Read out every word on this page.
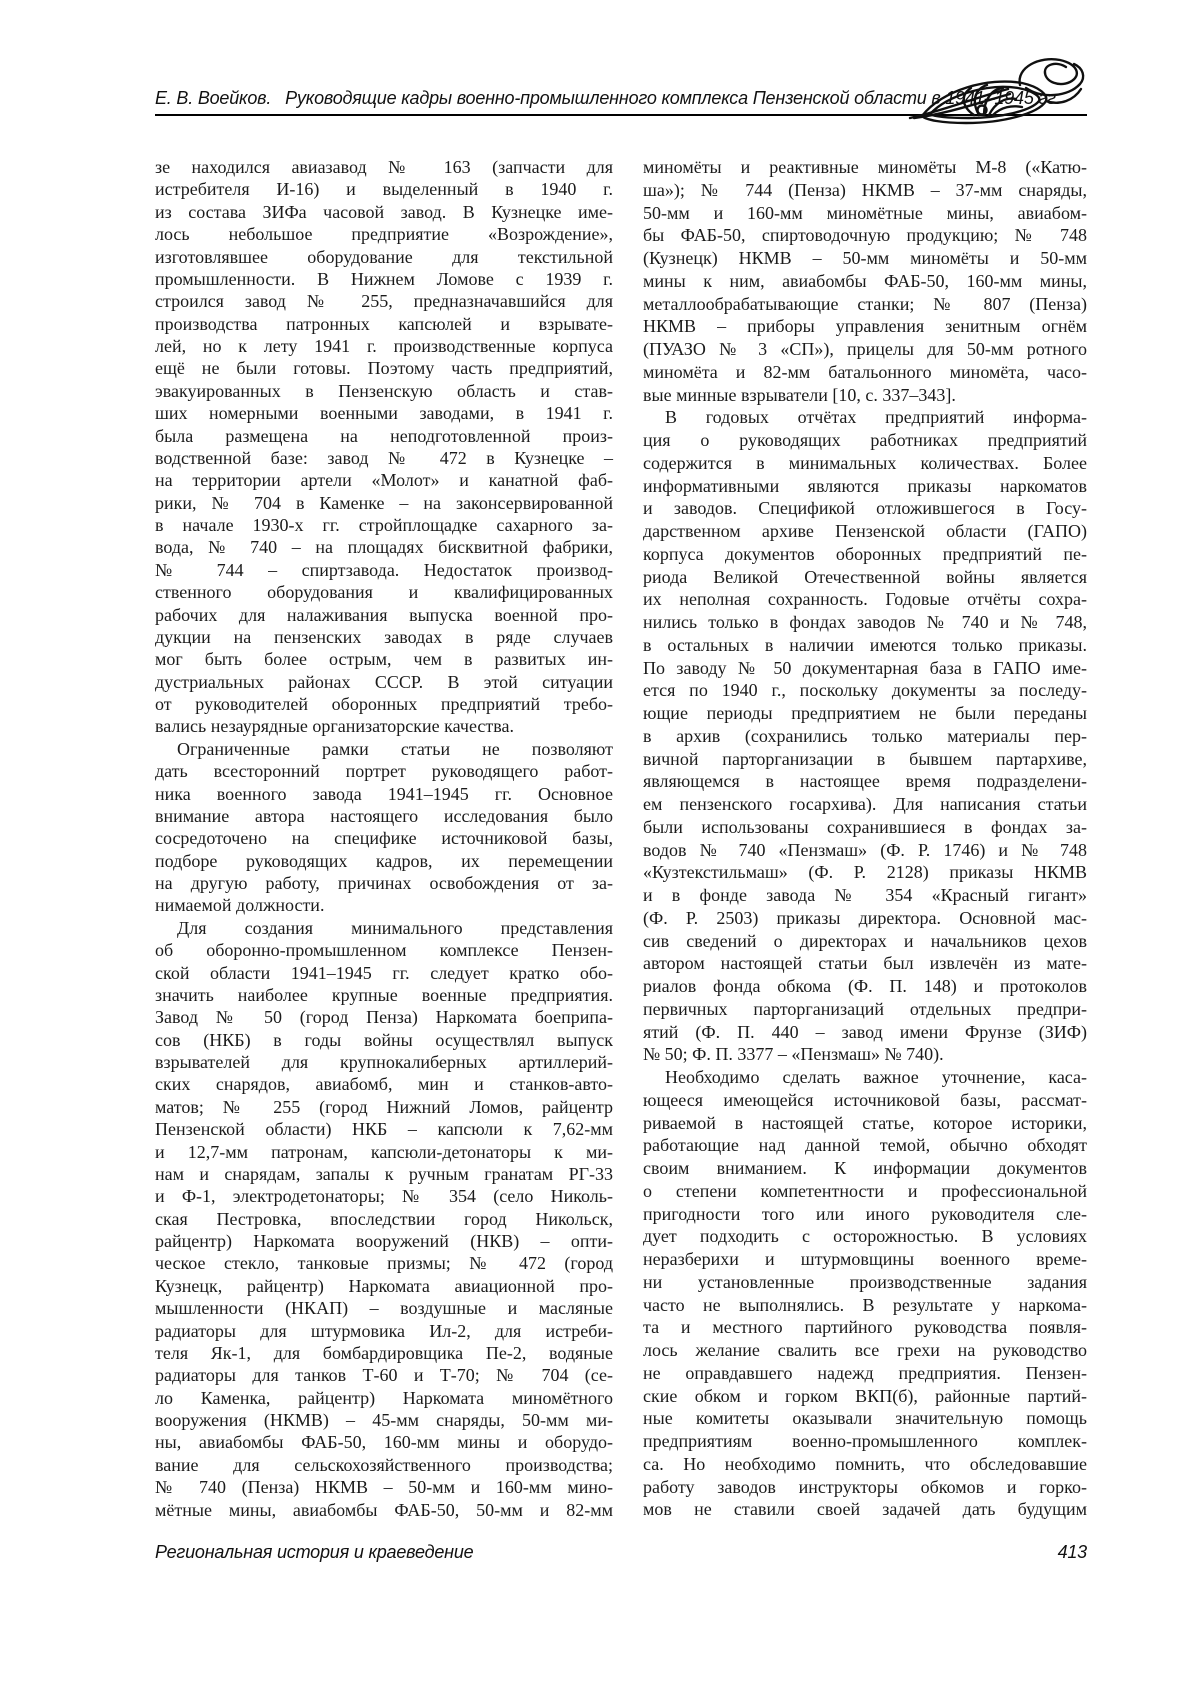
Е. В. Воейков. Руководящие кадры военно-промышленного комплекса Пензенской области в 1941–1945 гг.
зе находился авиазавод № 163 (запчасти для
истребителя И-16) и выделенный в 1940 г.
из состава ЗИФа часовой завод. В Кузнецке име-
лось небольшое предприятие «Возрождение»,
изготовлявшее оборудование для текстильной
промышленности. В Нижнем Ломове с 1939 г.
строился завод № 255, предназначавшийся для
производства патронных капсюлей и взрывате-
лей, но к лету 1941 г. производственные корпуса
ещё не были готовы. Поэтому часть предприятий,
эвакуированных в Пензенскую область и став-
ших номерными военными заводами, в 1941 г.
была размещена на неподготовленной произ-
водственной базе: завод № 472 в Кузнецке –
на территории артели «Молот» и канатной фаб-
рики, № 704 в Каменке – на законсервированной
в начале 1930-х гг. стройплощадке сахарного за-
вода, № 740 – на площадях бисквитной фабрики,
№ 744 – спиртзавода. Недостаток производ-
ственного оборудования и квалифицированных
рабочих для налаживания выпуска военной про-
дукции на пензенских заводах в ряде случаев
мог быть более острым, чем в развитых ин-
дустриальных районах СССР. В этой ситуации
от руководителей оборонных предприятий требо-
вались незаурядные организаторские качества.
Ограниченные рамки статьи не позволяют
дать всесторонний портрет руководящего работ-
ника военного завода 1941–1945 гг. Основное
внимание автора настоящего исследования было
сосредоточено на специфике источниковой базы,
подборе руководящих кадров, их перемещении
на другую работу, причинах освобождения от за-
нимаемой должности.
Для создания минимального представления
об оборонно-промышленном комплексе Пензен-
ской области 1941–1945 гг. следует кратко обо-
значить наиболее крупные военные предприятия.
Завод № 50 (город Пенза) Наркомата боеприпа-
сов (НКБ) в годы войны осуществлял выпуск
взрывателей для крупнокалиберных артиллерий-
ских снарядов, авиабомб, мин и станков-авто-
матов; № 255 (город Нижний Ломов, райцентр
Пензенской области) НКБ – капсюли к 7,62-мм
и 12,7-мм патронам, капсюли-детонаторы к ми-
нам и снарядам, запалы к ручным гранатам РГ-33
и Ф-1, электродетонаторы; № 354 (село Николь-
ская Пестровка, впоследствии город Никольск,
райцентр) Наркомата вооружений (НКВ) – опти-
ческое стекло, танковые призмы; № 472 (город
Кузнецк, райцентр) Наркомата авиационной про-
мышленности (НКАП) – воздушные и масляные
радиаторы для штурмовика Ил-2, для истреби-
теля Як-1, для бомбардировщика Пе-2, водяные
радиаторы для танков Т-60 и Т-70; № 704 (се-
ло Каменка, райцентр) Наркомата миномётного
вооружения (НКМВ) – 45-мм снаряды, 50-мм ми-
ны, авиабомбы ФАБ-50, 160-мм мины и оборудо-
вание для сельскохозяйственного производства;
№ 740 (Пенза) НКМВ – 50-мм и 160-мм мино-
мётные мины, авиабомбы ФАБ-50, 50-мм и 82-мм
миномёты и реактивные миномёты М-8 («Катю-
ша»); № 744 (Пенза) НКМВ – 37-мм снаряды,
50-мм и 160-мм миномётные мины, авиабом-
бы ФАБ-50, спиртоводочную продукцию; № 748
(Кузнецк) НКМВ – 50-мм миномёты и 50-мм
мины к ним, авиабомбы ФАБ-50, 160-мм мины,
металлообрабатывающие станки; № 807 (Пенза)
НКМВ – приборы управления зенитным огнём
(ПУАЗО № 3 «СП»), прицелы для 50-мм ротного
миномёта и 82-мм батальонного миномёта, часо-
вые минные взрыватели [10, с. 337–343].
В годовых отчётах предприятий информа-
ция о руководящих работниках предприятий
содержится в минимальных количествах. Более
информативными являются приказы наркоматов
и заводов. Спецификой отложившегося в Госу-
дарственном архиве Пензенской области (ГАПО)
корпуса документов оборонных предприятий пе-
риода Великой Отечественной войны является
их неполная сохранность. Годовые отчёты сохра-
нились только в фондах заводов № 740 и № 748,
в остальных в наличии имеются только приказы.
По заводу № 50 документарная база в ГАПО име-
ется по 1940 г., поскольку документы за последу-
ющие периоды предприятием не были переданы
в архив (сохранились только материалы пер-
вичной парторганизации в бывшем партархиве,
являющемся в настоящее время подразделени-
ем пензенского госархива). Для написания статьи
были использованы сохранившиеся в фондах за-
водов № 740 «Пензмаш» (Ф. Р. 1746) и № 748
«Кузтекстильмаш» (Ф. Р. 2128) приказы НКМВ
и в фонде завода № 354 «Красный гигант»
(Ф. Р. 2503) приказы директора. Основной мас-
сив сведений о директорах и начальников цехов
автором настоящей статьи был извлечён из мате-
риалов фонда обкома (Ф. П. 148) и протоколов
первичных парторганизаций отдельных предпри-
ятий (Ф. П. 440 – завод имени Фрунзе (ЗИФ)
№ 50; Ф. П. 3377 – «Пензмаш» № 740).
Необходимо сделать важное уточнение, каса-
ющееся имеющейся источниковой базы, рассмат-
риваемой в настоящей статье, которое историки,
работающие над данной темой, обычно обходят
своим вниманием. К информации документов
о степени компетентности и профессиональной
пригодности того или иного руководителя сле-
дует подходить с осторожностью. В условиях
неразберихи и штурмовщины военного време-
ни установленные производственные задания
часто не выполнялись. В результате у наркома-
та и местного партийного руководства появля-
лось желание свалить все грехи на руководство
не оправдавшего надежд предприятия. Пензен-
ские обком и горком ВКП(б), районные партий-
ные комитеты оказывали значительную помощь
предприятиям военно-промышленного комплек-
са. Но необходимо помнить, что обследовавшие
работу заводов инструкторы обкомов и горко-
мов не ставили своей задачей дать будущим
Региональная история и краеведение	413
